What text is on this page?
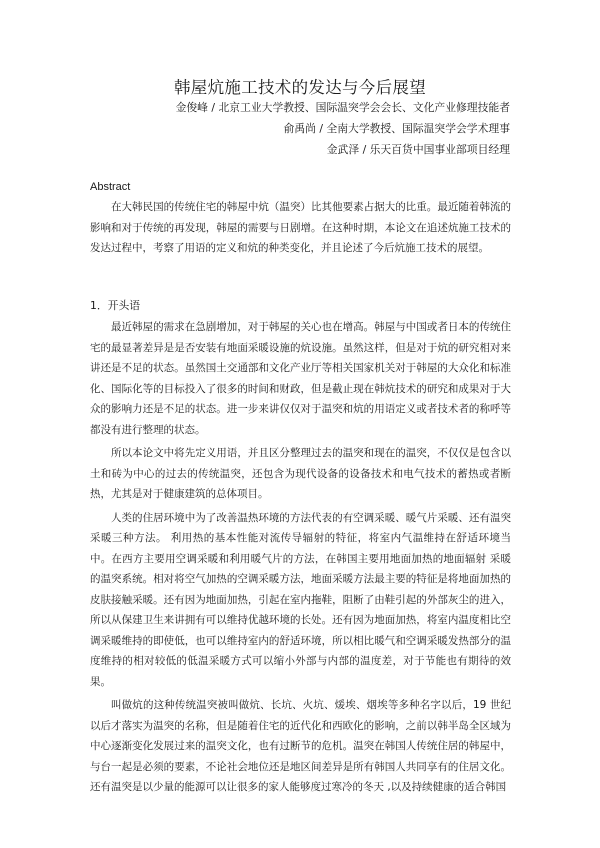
韩屋炕施工技术的发达与今后展望
金俊峰 / 北京工业大学教授、国际温突学会会长、文化产业修理技能者
俞禹尚 / 全南大学教授、国际温突学会学术理事
金武泽 / 乐天百货中国事业部项目经理
Abstract
在大韩民国的传统住宅的韩屋中炕（温突）比其他要素占据大的比重。最近随着韩流的影响和对于传统的再发现，韩屋的需要与日剧增。在这种时期，本论文在追述炕施工技术的发达过程中，考察了用语的定义和炕的种类变化，并且论述了今后炕施工技术的展望。
1．开头语

最近韩屋的需求在急剧增加，对于韩屋的关心也在增高。韩屋与中国或者日本的传统住宅的最显著差异是是否安装有地面采暖设施的炕设施。虽然这样，但是对于炕的研究相对来讲还是不足的状态。虽然国土交通部和文化产业厅等相关国家机关对于韩屋的大众化和标准化、国际化等的目标投入了很多的时间和财政，但是截止现在韩炕技术的研究和成果对于大众的影响力还是不足的状态。进一步来讲仅仅对于温突和炕的用语定义或者技术者的称呼等都没有进行整理的状态。

所以本论文中将先定义用语，并且区分整理过去的温突和现在的温突，不仅仅是包含以土和砖为中心的过去的传统温突，还包含为现代设备的设备技术和电气技术的蓄热或者断热，尤其是对于健康建筑的总体项目。

人类的住居环境中为了改善温热环境的方法代表的有空调采暖、暖气片采暖、还有温突采暖三种方法。 利用热的基本性能对流传导辐射的特征，将室内气温维持在舒适环境当中。在西方主要用空调采暖和利用暖气片的方法，在韩国主要用地面加热的地面辐射 采暖的温突系统。相对将空气加热的空调采暖方法，地面采暖方法最主要的特征是将地面加热的皮肤接触采暖。还有因为地面加热，引起在室内拖鞋，阻断了由鞋引起的外部灰尘的进入，所以从保建卫生来讲拥有可以维持优越环境的长处。还有因为地面加热，将室内温度相比空调采暖维持的即使低，也可以维持室内的舒适环境，所以相比暖气和空调采暖发热部分的温度维持的相对较低的低温采暖方式可以缩小外部与内部的温度差，对于节能也有期待的效果。

叫做炕的这种传统温突被叫做炕、长坑、火坑、煖埃、烟埃等多种名字以后，19 世纪以后才落实为温突的名称，但是随着住宅的近代化和西欧化的影响，之前以韩半岛全区域为中心逐渐变化发展过来的温突文化，也有过断节的危机。温突在韩国人传统住居的韩屋中，与台一起是必须的要素，不论社会地位还是地区间差异是所有韩国人共同享有的住居文化。还有温突是以少量的能源可以让很多的家人能够度过寒冷的冬天 ,以及持续健康的适合韩国
